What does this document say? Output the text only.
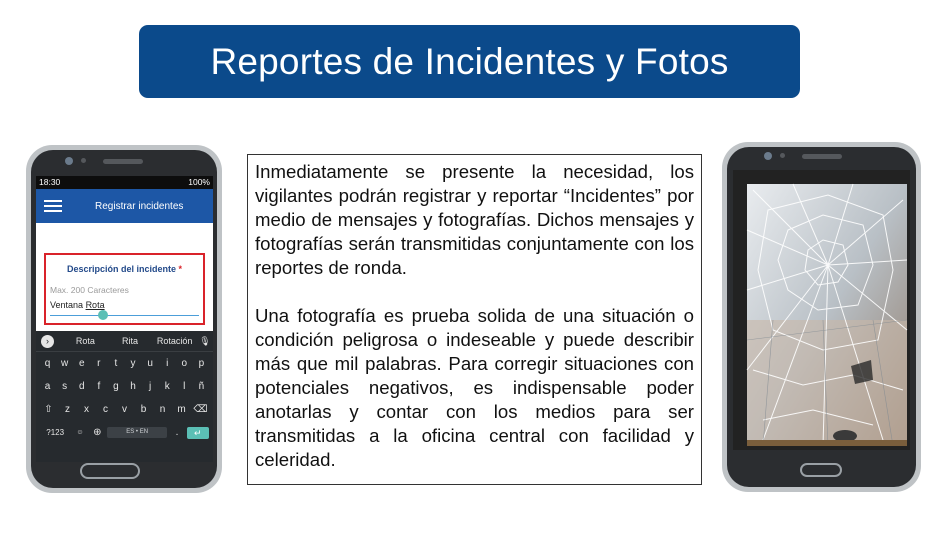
Reportes de Incidentes y Fotos
18:30	100%
Registrar incidentes
Descripción del incidente *
Max. 200 Caracteres
Ventana Rota
›	Rota	Rita	Rotación 🎙
q	w	e	r	t	y	u	i	o	p
a	s	d	f	g	h	j	k	l	ñ
⇧	z	x	c	v	b	n	m ⌫
?123	☺ ⊕	ES • EN	.	↵

Inmediatamente se presente la necesidad, los vigilantes podrán registrar y reportar “Incidentes” por medio de mensajes y fotografías. Dichos mensajes y fotografías serán transmitidas conjuntamente con los reportes de ronda.

Una fotografía es prueba solida de una situación o condición peligrosa o indeseable y puede describir más que mil palabras. Para corregir situaciones con potenciales negativos, es indispensable poder anotarlas y contar con los medios para ser transmitidas a la oficina central con facilidad y celeridad.
